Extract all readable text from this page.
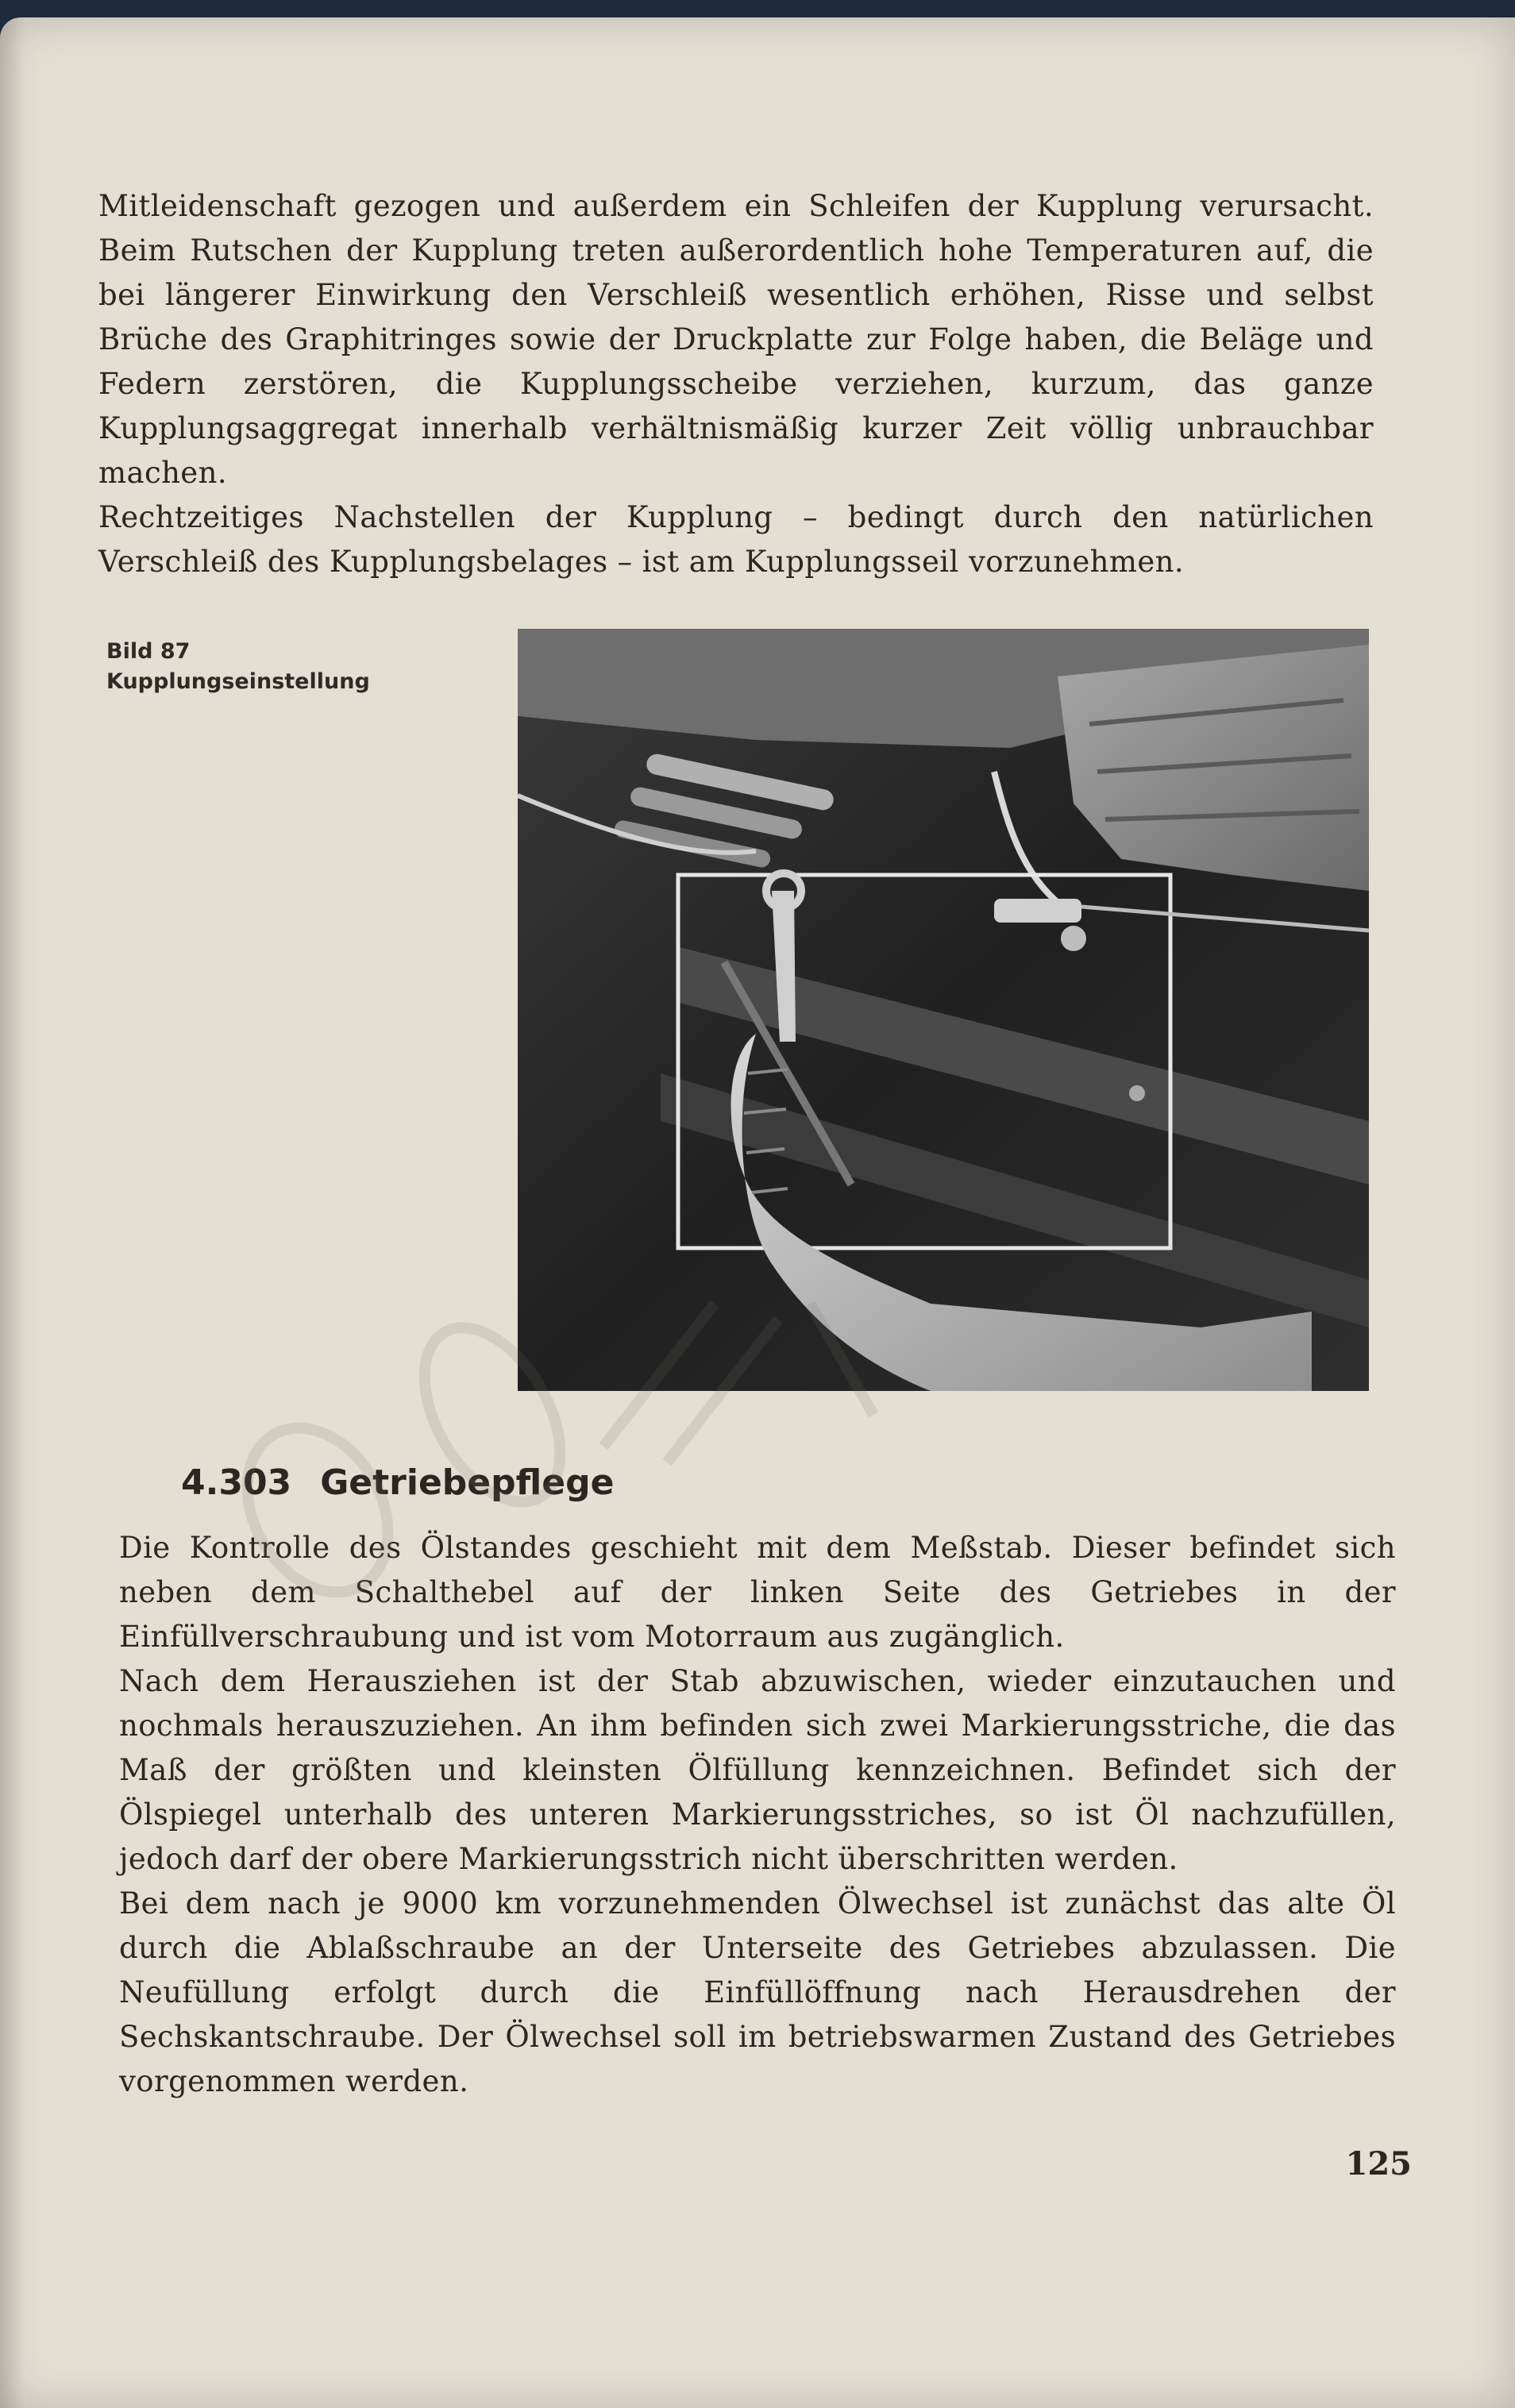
Mitleidenschaft gezogen und außerdem ein Schleifen der Kupplung verursacht. Beim Rutschen der Kupplung treten außerordentlich hohe Temperaturen auf, die bei längerer Einwirkung den Verschleiß wesentlich erhöhen, Risse und selbst Brüche des Graphitringes sowie der Druckplatte zur Folge haben, die Beläge und Federn zerstören, die Kupplungsscheibe verziehen, kurzum, das ganze Kupplungsaggregat innerhalb verhältnismäßig kurzer Zeit völlig unbrauchbar machen.

Rechtzeitiges Nachstellen der Kupplung – bedingt durch den natürlichen Verschleiß des Kupplungsbelages – ist am Kupplungsseil vorzunehmen.

Bild 87
Kupplungseinstellung
4.303 Getriebepflege

Die Kontrolle des Ölstandes geschieht mit dem Meßstab. Dieser befindet sich neben dem Schalthebel auf der linken Seite des Getriebes in der Einfüllverschraubung und ist vom Motorraum aus zugänglich.

Nach dem Herausziehen ist der Stab abzuwischen, wieder einzutauchen und nochmals herauszuziehen. An ihm befinden sich zwei Markierungsstriche, die das Maß der größten und kleinsten Ölfüllung kennzeichnen. Befindet sich der Ölspiegel unterhalb des unteren Markierungsstriches, so ist Öl nachzufüllen, jedoch darf der obere Markierungsstrich nicht überschritten werden.

Bei dem nach je 9000 km vorzunehmenden Ölwechsel ist zunächst das alte Öl durch die Ablaßschraube an der Unterseite des Getriebes abzulassen. Die Neufüllung erfolgt durch die Einfüllöffnung nach Herausdrehen der Sechskantschraube. Der Ölwechsel soll im betriebswarmen Zustand des Getriebes vorgenommen werden.

125
